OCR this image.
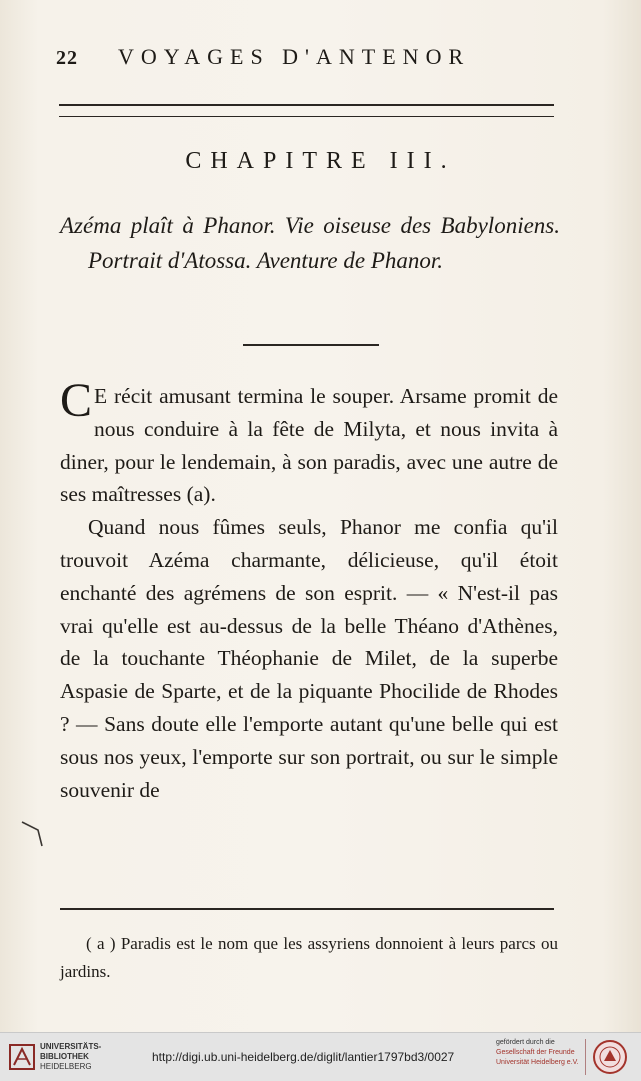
22 VOYAGES D'ANTENOR
CHAPITRE III.
Azéma plaît à Phanor. Vie oiseuse des Babyloniens. Portrait d'Atossa. Aventure de Phanor.

C E récit amusant termina le souper. Arsame promit de nous conduire à la fête de Milyta, et nous invita à diner, pour le lendemain, à son paradis, avec une autre de ses maîtresses (a).

Quand nous fûmes seuls, Phanor me confia qu'il trouvoit Azéma charmante, délicieuse, qu'il étoit enchanté des agrémens de son esprit. — « N'est-il pas vrai qu'elle est au-dessus de la belle Théano d'Athènes, de la touchante Théophanie de Milet, de la superbe Aspasie de Sparte, et de la piquante Phocilide de Rhodes ? — Sans doute elle l'emporte autant qu'une belle qui est sous nos yeux, l'emporte sur son portrait, ou sur le simple souvenir de

( a ) Paradis est le nom que les assyriens donnoient à leurs parcs ou jardins.
UNIVERSITÄTS-
BIBLIOTHEK
HEIDELBERG
http://digi.ub.uni-heidelberg.de/diglit/lantier1797bd3/0027
gefördert durch die
Gesellschaft der Freunde
Universität Heidelberg e.V.
